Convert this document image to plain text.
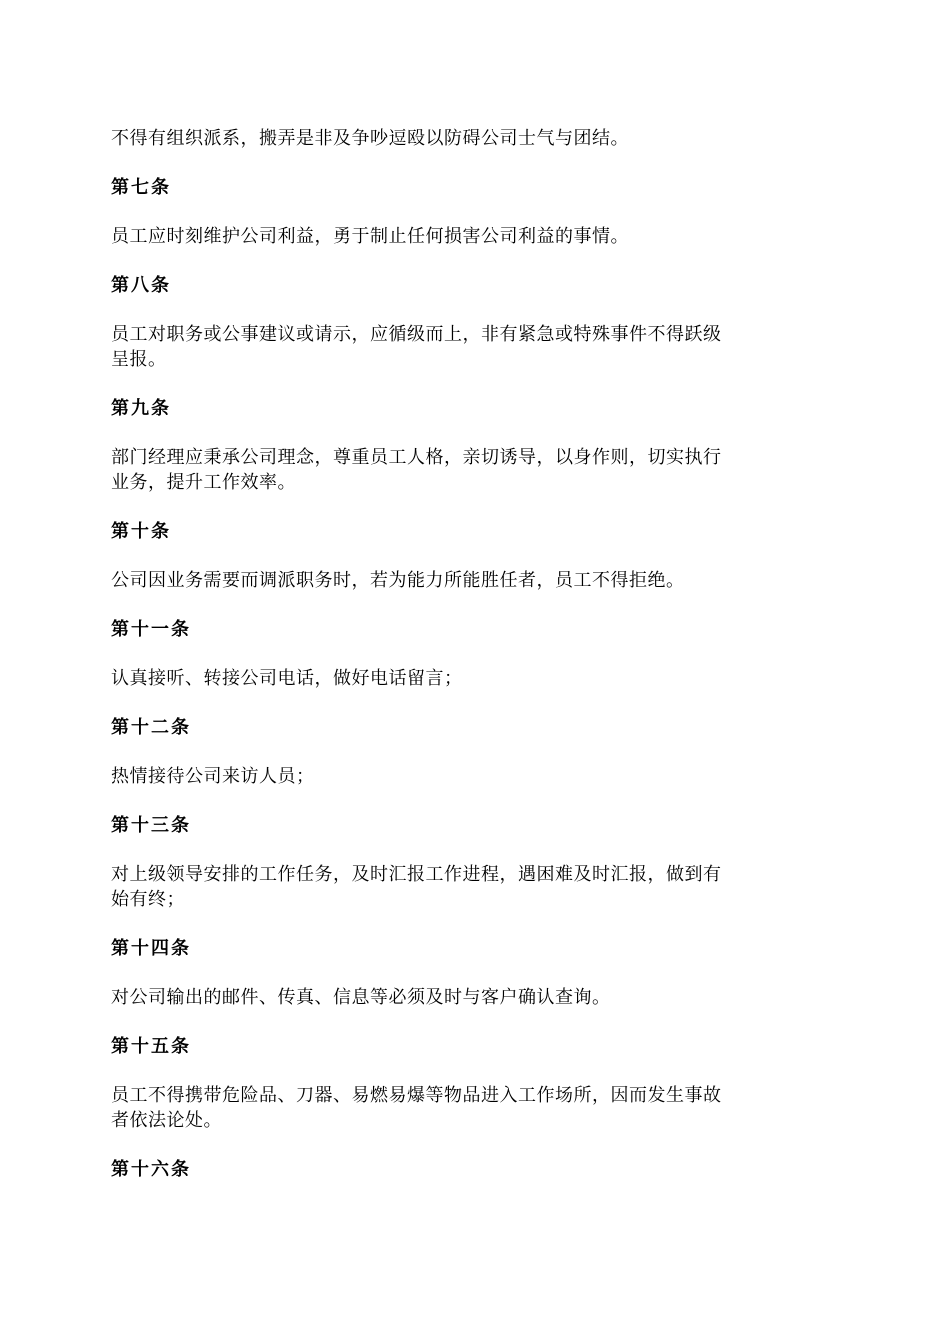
不得有组织派系，搬弄是非及争吵逗殴以防碍公司士气与团结。

第七条

员工应时刻维护公司利益，勇于制止任何损害公司利益的事情。

第八条

员工对职务或公事建议或请示，应循级而上，非有紧急或特殊事件不得跃级呈报。

第九条

部门经理应秉承公司理念，尊重员工人格，亲切诱导，以身作则，切实执行业务，提升工作效率。

第十条

公司因业务需要而调派职务时，若为能力所能胜任者，员工不得拒绝。

第十一条

认真接听、转接公司电话，做好电话留言；

第十二条

热情接待公司来访人员；

第十三条

对上级领导安排的工作任务，及时汇报工作进程，遇困难及时汇报，做到有始有终；

第十四条

对公司输出的邮件、传真、信息等必须及时与客户确认查询。

第十五条

员工不得携带危险品、刀器、易燃易爆等物品进入工作场所，因而发生事故者依法论处。

第十六条
